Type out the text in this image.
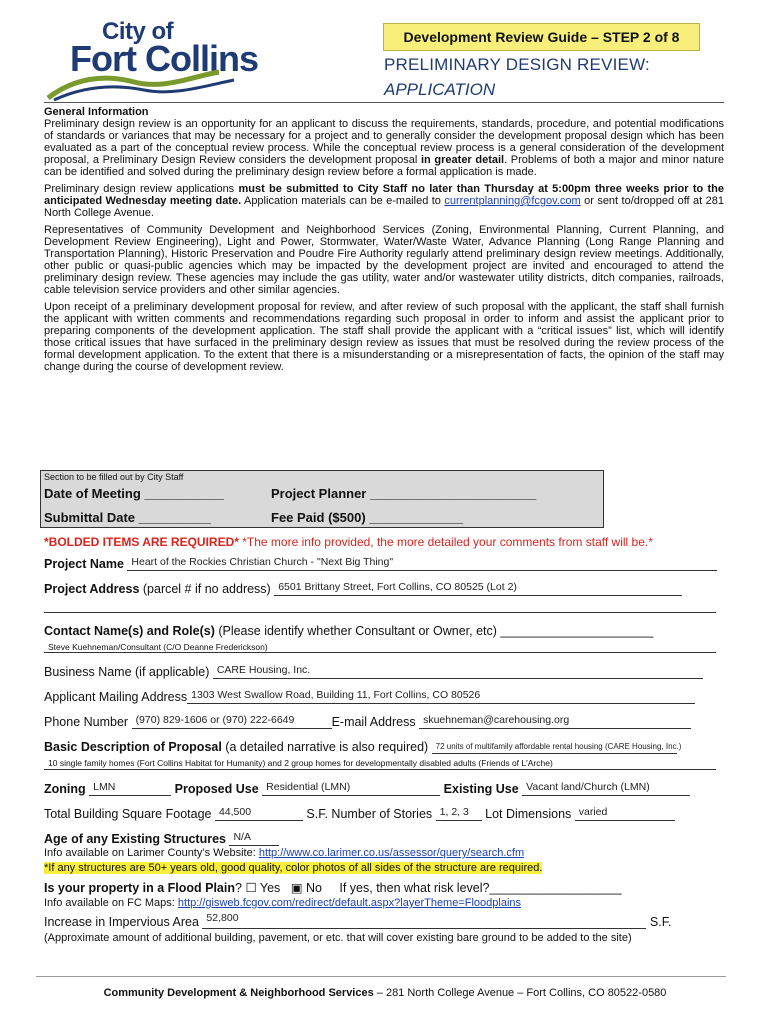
City of
Fort Collins
Development Review Guide – STEP 2 of 8
PRELIMINARY DESIGN REVIEW:
APPLICATION
General Information

Preliminary design review is an opportunity for an applicant to discuss the requirements, standards, procedure, and potential modifications of standards or variances that may be necessary for a project and to generally consider the development proposal design which has been evaluated as a part of the conceptual review process. While the conceptual review process is a general consideration of the development proposal, a Preliminary Design Review considers the development proposal in greater detail. Problems of both a major and minor nature can be identified and solved during the preliminary design review before a formal application is made.

Preliminary design review applications must be submitted to City Staff no later than Thursday at 5:00pm three weeks prior to the anticipated Wednesday meeting date. Application materials can be e-mailed to currentplanning@fcgov.com or sent to/dropped off at 281 North College Avenue.

Representatives of Community Development and Neighborhood Services (Zoning, Environmental Planning, Current Planning, and Development Review Engineering), Light and Power, Stormwater, Water/Waste Water, Advance Planning (Long Range Planning and Transportation Planning), Historic Preservation and Poudre Fire Authority regularly attend preliminary design review meetings. Additionally, other public or quasi-public agencies which may be impacted by the development project are invited and encouraged to attend the preliminary design review. These agencies may include the gas utility, water and/or wastewater utility districts, ditch companies, railroads, cable television service providers and other similar agencies.

Upon receipt of a preliminary development proposal for review, and after review of such proposal with the applicant, the staff shall furnish the applicant with written comments and recommendations regarding such proposal in order to inform and assist the applicant prior to preparing components of the development application. The staff shall provide the applicant with a “critical issues” list, which will identify those critical issues that have surfaced in the preliminary design review as issues that must be resolved during the review process of the formal development application. To the extent that there is a misunderstanding or a misrepresentation of facts, the opinion of the staff may change during the course of development review.

Section to be filled out by City Staff
Date of Meeting ___________	Project Planner _______________________
Submittal Date __________	Fee Paid ($500) _____________
*BOLDED ITEMS ARE REQUIRED* *The more info provided, the more detailed your comments from staff will be.*
Project Name Heart of the Rockies Christian Church - "Next Big Thing"
Project Address (parcel # if no address) 6501 Brittany Street, Fort Collins, CO 80525 (Lot 2)
Contact Name(s) and Role(s) (Please identify whether Consultant or Owner, etc) ______________________
Steve Kuehneman/Consultant (C/O Deanne Frederickson)
Business Name (if applicable) CARE Housing, Inc.
Applicant Mailing Address 1303 West Swallow Road, Building 11, Fort Collins, CO 80526
Phone Number (970) 829-1606 or (970) 222-6649	E-mail Address skuehneman@carehousing.org
Basic Description of Proposal (a detailed narrative is also required) 72 units of multifamily affordable rental housing (CARE Housing, Inc.)
10 single family homes (Fort Collins Habitat for Humanity) and 2 group homes for developmentally disabled adults (Friends of L'Arche)
Zoning LMN	Proposed Use Residential (LMN)	Existing Use Vacant land/Church (LMN)
Total Building Square Footage 44,500	S.F. Number of Stories 1, 2, 3 Lot Dimensions varied
Age of any Existing Structures N/A
Info available on Larimer County’s Website: http://www.co.larimer.co.us/assessor/query/search.cfm
*If any structures are 50+ years old, good quality, color photos of all sides of the structure are required.
Is your property in a Flood Plain? ☐ Yes ▣ No If yes, then what risk level?___________________
Info available on FC Maps: http://gisweb.fcgov.com/redirect/default.aspx?layerTheme=Floodplains
Increase in Impervious Area 52,800	S.F.
(Approximate amount of additional building, pavement, or etc. that will cover existing bare ground to be added to the site)
Community Development & Neighborhood Services – 281 North College Avenue – Fort Collins, CO 80522-0580
